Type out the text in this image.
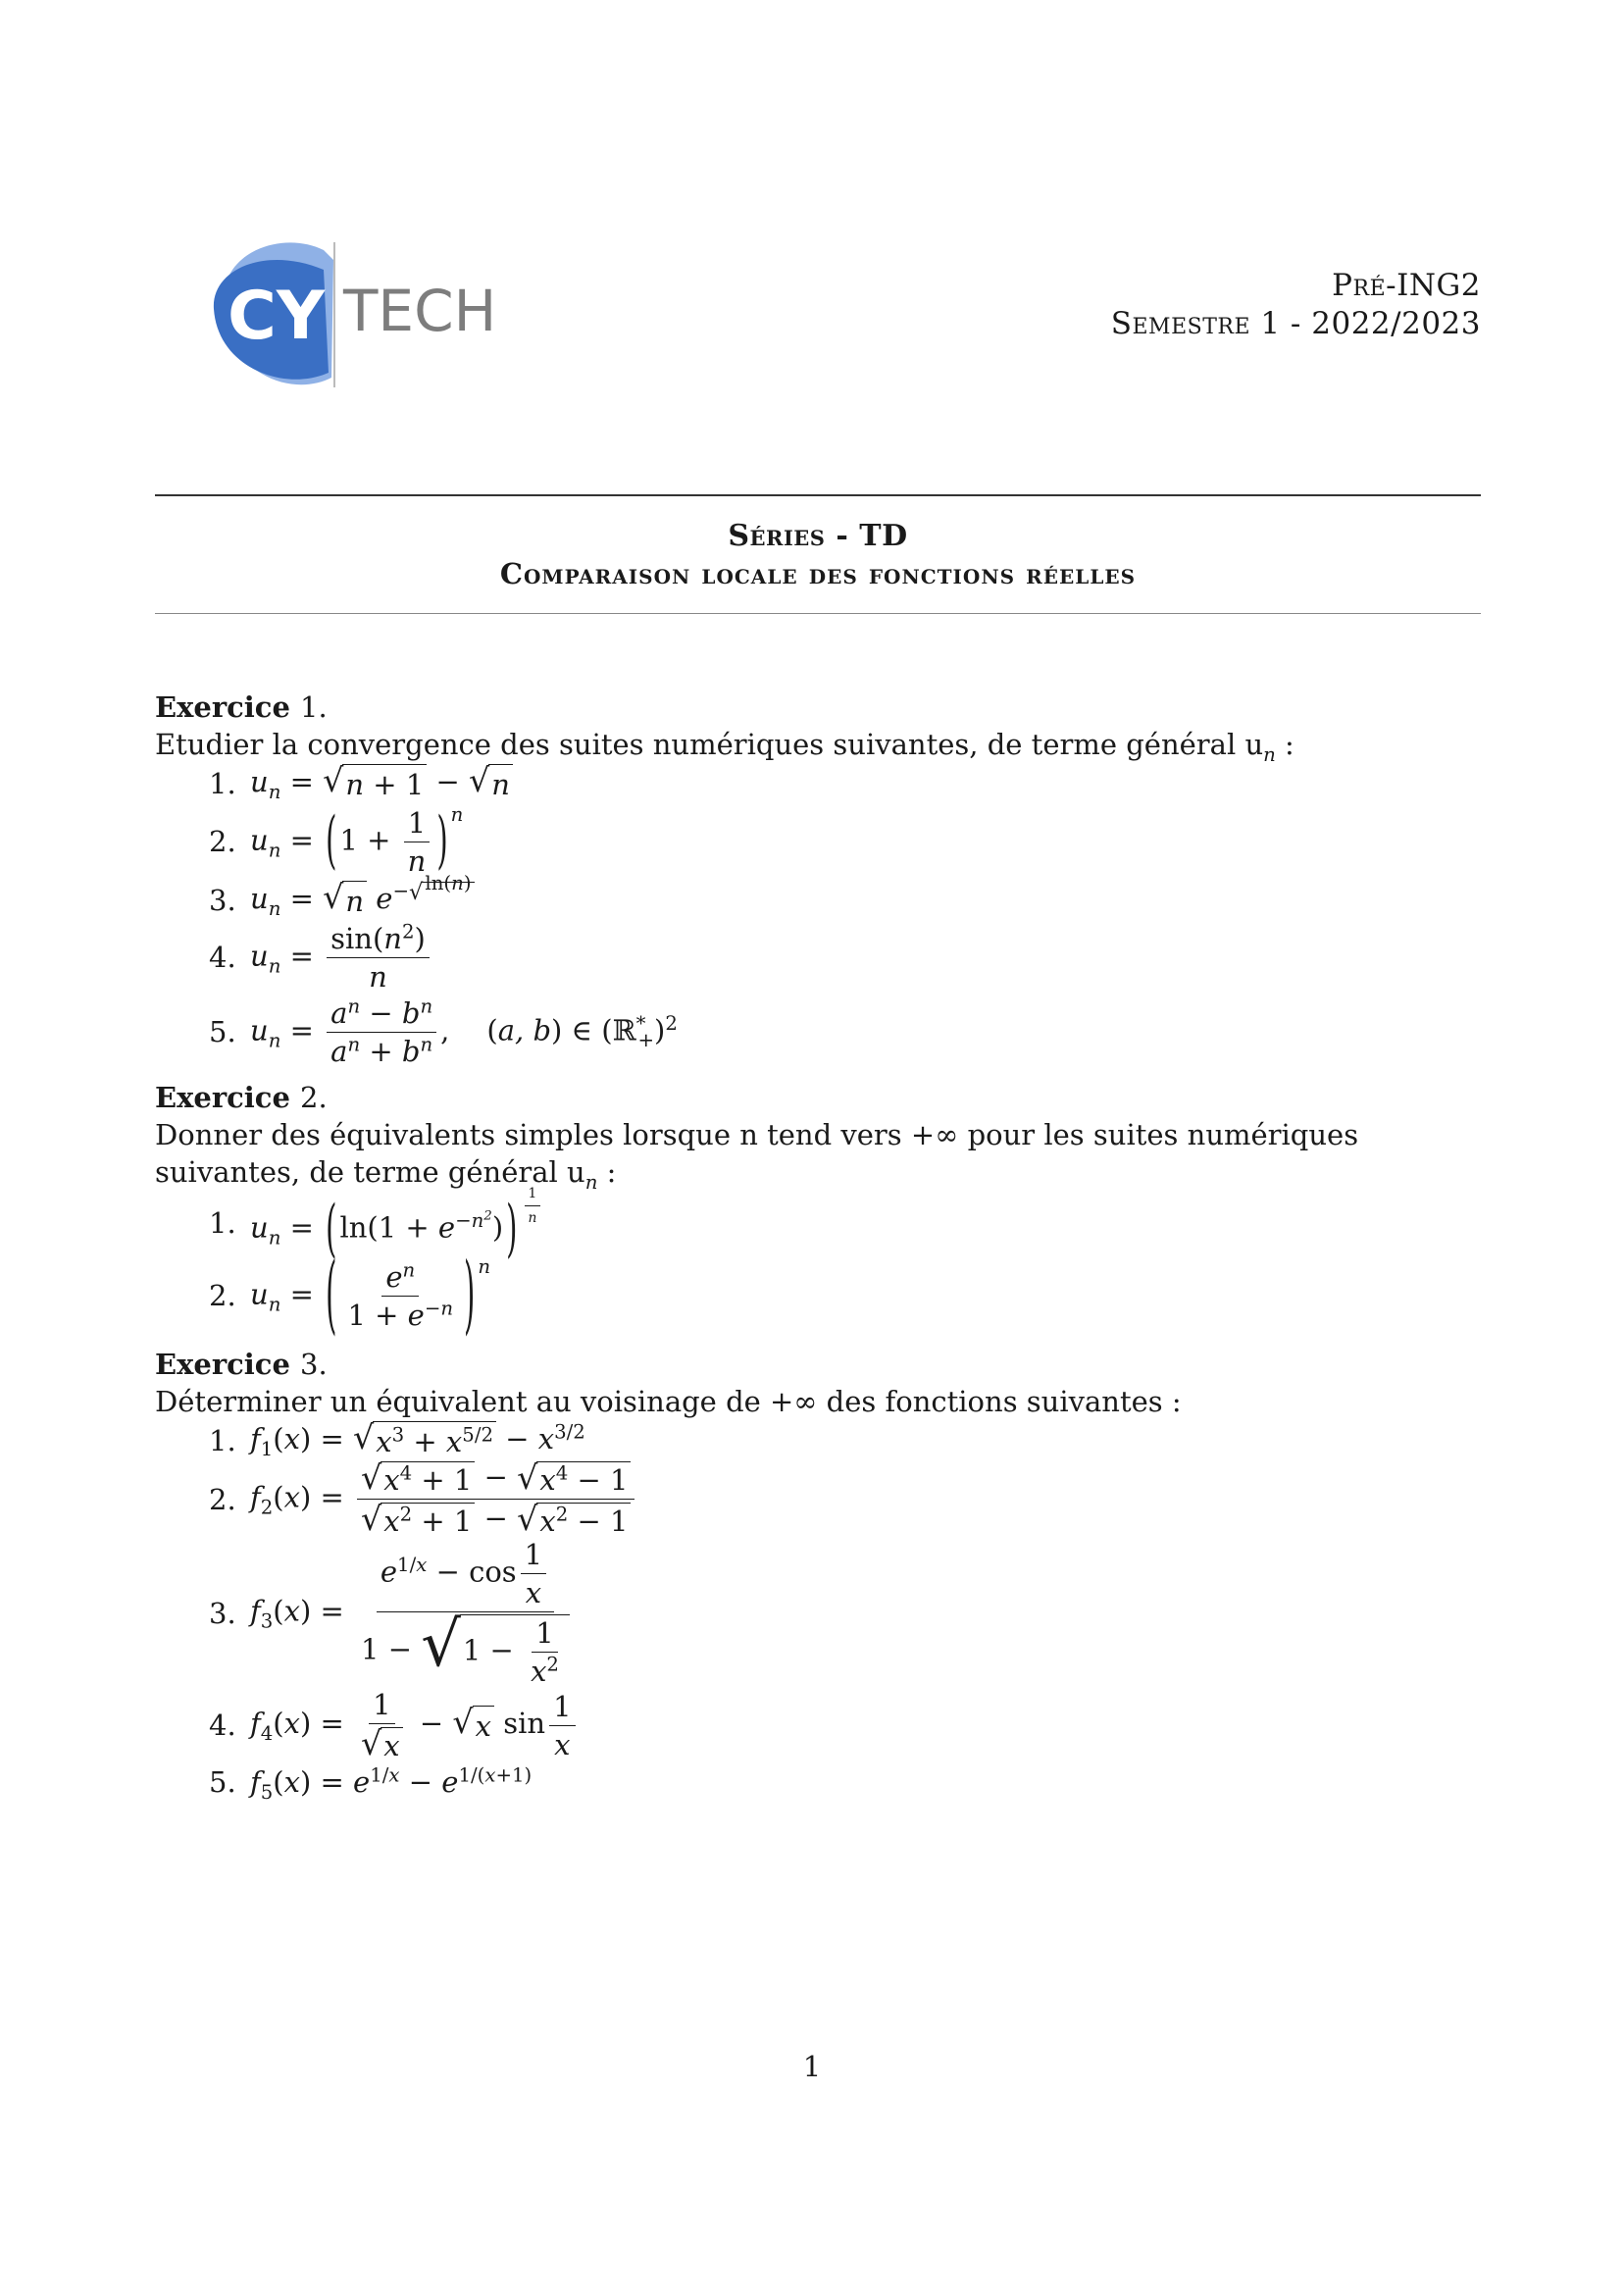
CY TECH	Pré-ING2
Semestre 1 - 2022/2023
Séries - TD
Comparaison locale des fonctions réelles
Exercice 1.

Etudier la convergence des suites numériques suivantes, de terme général $u_n$ :

1. $u_n$ = √ n + 1 − √ n
2. $u_n$ = ( $1 + \frac{1}{n}$ ) $^n$
3. $u_n$ = √ n $e^{- √ ln(n)}$
4. $u_n = \frac{\sin(n^2)}{n}$
5. $u_n = \frac{a^n - b^n}{a^n + b^n}$ , (a, b) ∈ (ℝ*$_+$)$^2$
Exercice 2.

Donner des équivalents simples lorsque n tend vers +∞ pour les suites numériques suivantes, de terme général $u_n$ :

1. $u_n$ = ( $\ln(1 + e^{-n^2})$ ) $^{\frac{1}{n}}$
2. $u_n$ = ( $\frac{e^n}{1 + e^{-n}}$ ) $^n$
Exercice 3.

Déterminer un équivalent au voisinage de +∞ des fonctions suivantes :

1. $f_1(x)$ = √ $x^3 + x^{5/2} - x^{3/2}$
2. $f_2(x) = \frac{√ x^4 + 1 - √ x^4 - 1}{√ x^2 + 1 - √ x^2 - 1}$
3. $f_3(x) = \frac{e^{1/x} - \cos \frac{1}{x}}{1 - √ 1 - \frac{1}{x^2}}$
4. $f_4(x) = \frac{1}{√ x}$ − √ x $\sin \frac{1}{x}$
5. $f_5(x) = e^{1/x} - e^{1/(x+1)}$
1
